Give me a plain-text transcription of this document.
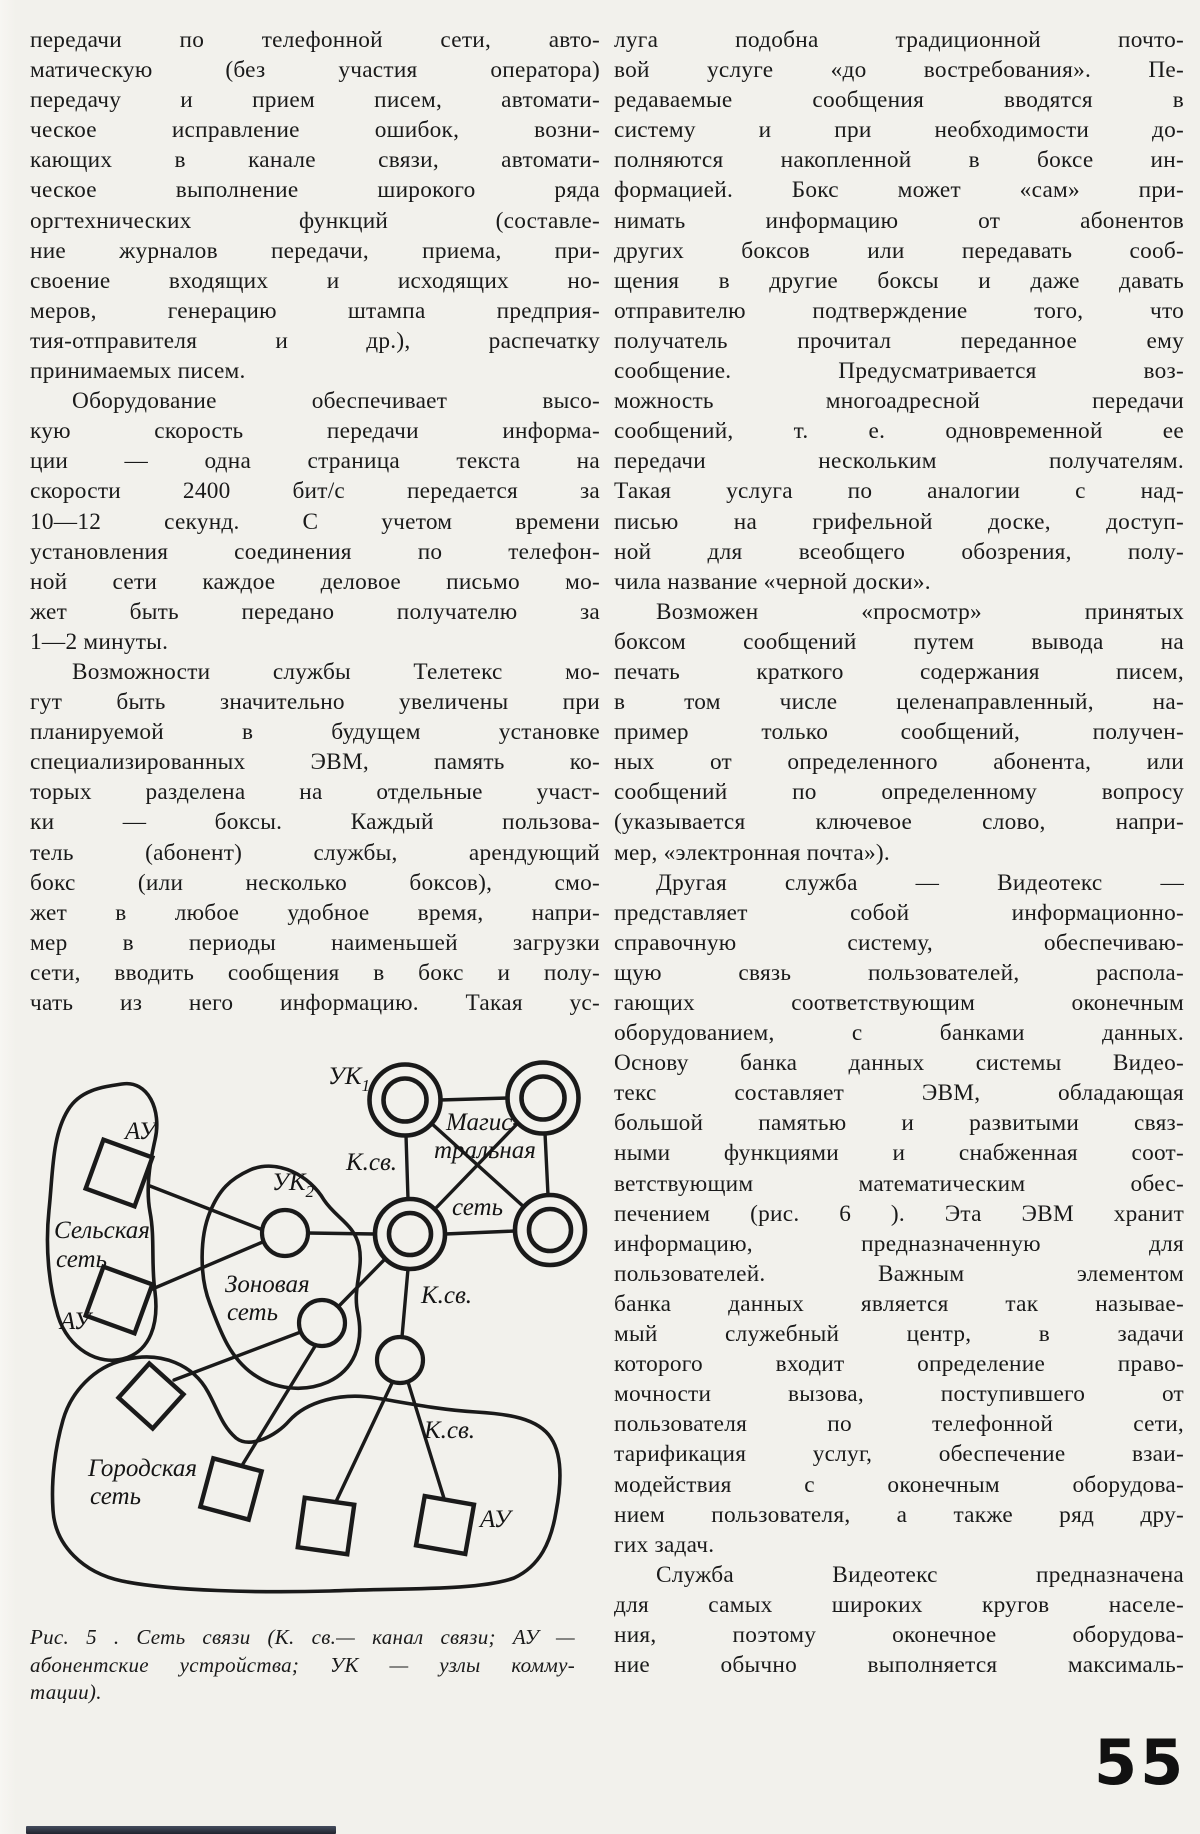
передачи по телефонной сети, авто-
матическую (без участия оператора)
передачу и прием писем, автомати-
ческое исправление ошибок, возни-
кающих в канале связи, автомати-
ческое выполнение широкого ряда
оргтехнических функций (составле-
ние журналов передачи, приема, при-
своение входящих и исходящих но-
меров, генерацию штампа предприя-
тия-отправителя и др.), распечатку
принимаемых писем.
Оборудование обеспечивает высо-
кую скорость передачи информа-
ции — одна страница текста на
скорости 2400 бит/с передается за
10—12 секунд. С учетом времени
установления соединения по телефон-
ной сети каждое деловое письмо мо-
жет быть передано получателю за
1—2 минуты.
Возможности службы Телетекс мо-
гут быть значительно увеличены при
планируемой в будущем установке
специализированных ЭВМ, память ко-
торых разделена на отдельные участ-
ки — боксы. Каждый пользова-
тель (абонент) службы, арендующий
бокс (или несколько боксов), смо-
жет в любое удобное время, напри-
мер в периоды наименьшей загрузки
сети, вводить сообщения в бокс и полу-
чать из него информацию. Такая ус-
луга подобна традиционной почто-
вой услуге «до востребования». Пе-
редаваемые сообщения вводятся в
систему и при необходимости до-
полняются накопленной в боксе ин-
формацией. Бокс может «сам» при-
нимать информацию от абонентов
других боксов или передавать сооб-
щения в другие боксы и даже давать
отправителю подтверждение того, что
получатель прочитал переданное ему
сообщение. Предусматривается воз-
можность многоадресной передачи
сообщений, т. е. одновременной ее
передачи нескольким получателям.
Такая услуга по аналогии с над-
писью на грифельной доске, доступ-
ной для всеобщего обозрения, полу-
чила название «черной доски».
Возможен «просмотр» принятых
боксом сообщений путем вывода на
печать краткого содержания писем,
в том числе целенаправленный, на-
пример только сообщений, получен-
ных от определенного абонента, или
сообщений по определенному вопросу
(указывается ключевое слово, напри-
мер, «электронная почта»).
Другая служба — Видеотекс —
представляет собой информационно-
справочную систему, обеспечиваю-
щую связь пользователей, распола-
гающих соответствующим оконечным
оборудованием, с банками данных.
Основу банка данных системы Видео-
текс составляет ЭВМ, обладающая
большой памятью и развитыми связ-
ными функциями и снабженная соот-
ветствующим математическим обес-
печением (рис. 6 ). Эта ЭВМ хранит
информацию, предназначенную для
пользователей. Важным элементом
банка данных является так называе-
мый служебный центр, в задачи
которого входит определение право-
мочности вызова, поступившего от
пользователя по телефонной сети,
тарификация услуг, обеспечение взаи-
модействия с оконечным оборудова-
нием пользователя, а также ряд дру-
гих задач.
Служба Видеотекс предназначена
для самых широких кругов населе-
ния, поэтому оконечное оборудова-
ние обычно выполняется максималь-
$УК_1$
$УК_2$
К.св.
К.св.
К.св.
Магис-
тральная
сеть
Сельская
сеть
Зоновая
сеть
Городская
сеть
АУ
АУ
АУ
Рис. 5 . Сеть связи (К. св.— канал связи; АУ —
абонентские устройства; УК — узлы комму-
тации).
55
